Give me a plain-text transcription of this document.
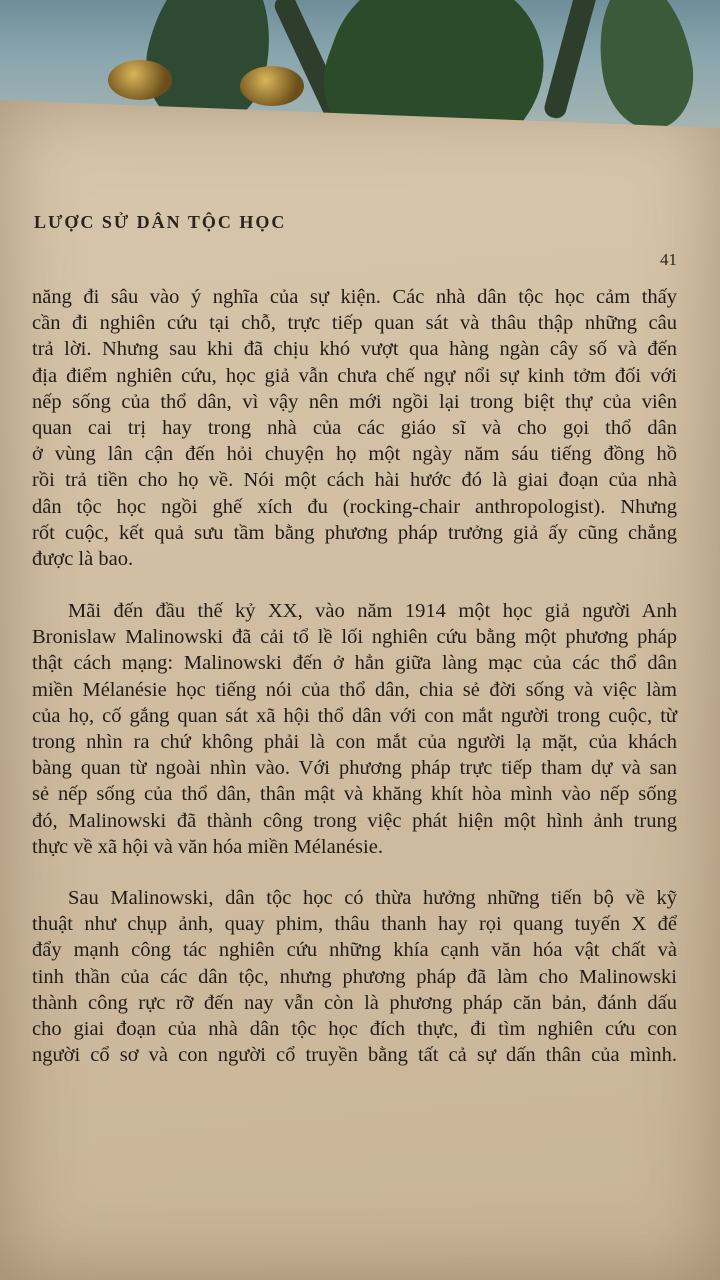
LƯỢC SỬ DÂN TỘC HỌC
41
năng đi sâu vào ý nghĩa của sự kiện. Các nhà dân tộc học cảm thấy
cần đi nghiên cứu tại chỗ, trực tiếp quan sát và thâu thập những câu
trả lời. Nhưng sau khi đã chịu khó vượt qua hàng ngàn cây số và đến
địa điểm nghiên cứu, học giả vẫn chưa chế ngự nổi sự kinh tởm đối với
nếp sống của thổ dân, vì vậy nên mới ngồi lại trong biệt thự của viên
quan cai trị hay trong nhà của các giáo sĩ và cho gọi thổ dân
ở vùng lân cận đến hỏi chuyện họ một ngày năm sáu tiếng đồng hồ
rồi trả tiền cho họ về. Nói một cách hài hước đó là giai đoạn của nhà
dân tộc học ngồi ghế xích đu (rocking-chair anthropologist). Nhưng
rốt cuộc, kết quả sưu tầm bằng phương pháp trưởng giả ấy cũng chẳng
được là bao.
Mãi đến đầu thế kỷ XX, vào năm 1914 một học giả người Anh
Bronislaw Malinowski đã cải tổ lề lối nghiên cứu bằng một phương pháp
thật cách mạng: Malinowski đến ở hẳn giữa làng mạc của các thổ dân
miền Mélanésie học tiếng nói của thổ dân, chia sẻ đời sống và việc làm
của họ, cố gắng quan sát xã hội thổ dân với con mắt người trong cuộc, từ
trong nhìn ra chứ không phải là con mắt của người lạ mặt, của khách
bàng quan từ ngoài nhìn vào. Với phương pháp trực tiếp tham dự và san
sẻ nếp sống của thổ dân, thân mật và khăng khít hòa mình vào nếp sống
đó, Malinowski đã thành công trong việc phát hiện một hình ảnh trung
thực về xã hội và văn hóa miền Mélanésie.
Sau Malinowski, dân tộc học có thừa hưởng những tiến bộ về kỹ
thuật như chụp ảnh, quay phim, thâu thanh hay rọi quang tuyến X để
đẩy mạnh công tác nghiên cứu những khía cạnh văn hóa vật chất và
tinh thần của các dân tộc, nhưng phương pháp đã làm cho Malinowski
thành công rực rỡ đến nay vẫn còn là phương pháp căn bản, đánh dấu
cho giai đoạn của nhà dân tộc học đích thực, đi tìm nghiên cứu con
người cổ sơ và con người cổ truyền bằng tất cả sự dấn thân của mình.
